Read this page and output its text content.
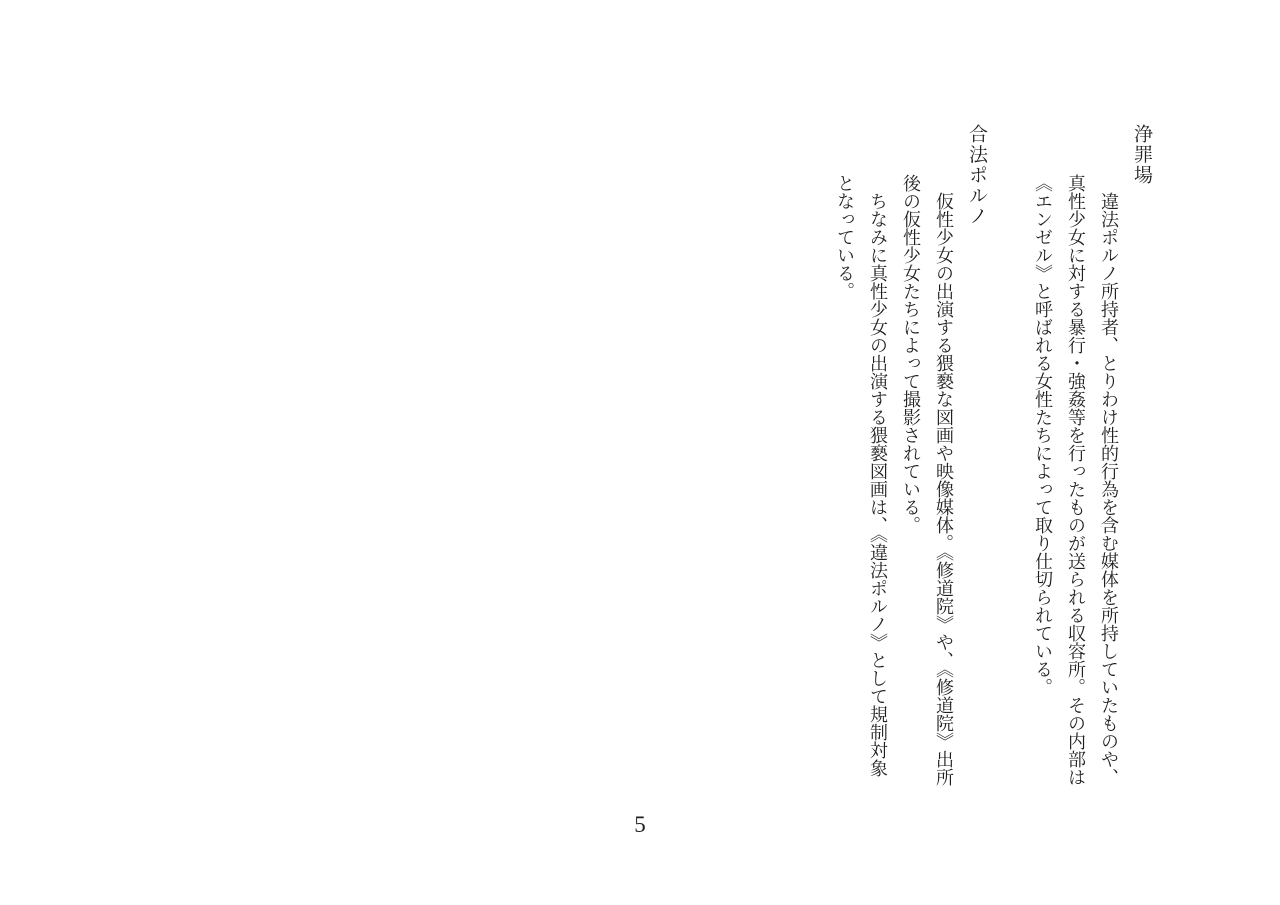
浄罪場

違法ポルノ所持者、とりわけ性的行為を含む媒体を所持していたものや、真性少女に対する暴行・強姦等を行ったものが送られる収容所。その内部は《エンゼル》と呼ばれる女性たちによって取り仕切られている。

合法ポルノ

仮性少女の出演する猥褻な図画や映像媒体。《修道院》や、《修道院》出所後の仮性少女たちによって撮影されている。

ちなみに真性少女の出演する猥褻図画は、《違法ポルノ》として規制対象となっている。

5
